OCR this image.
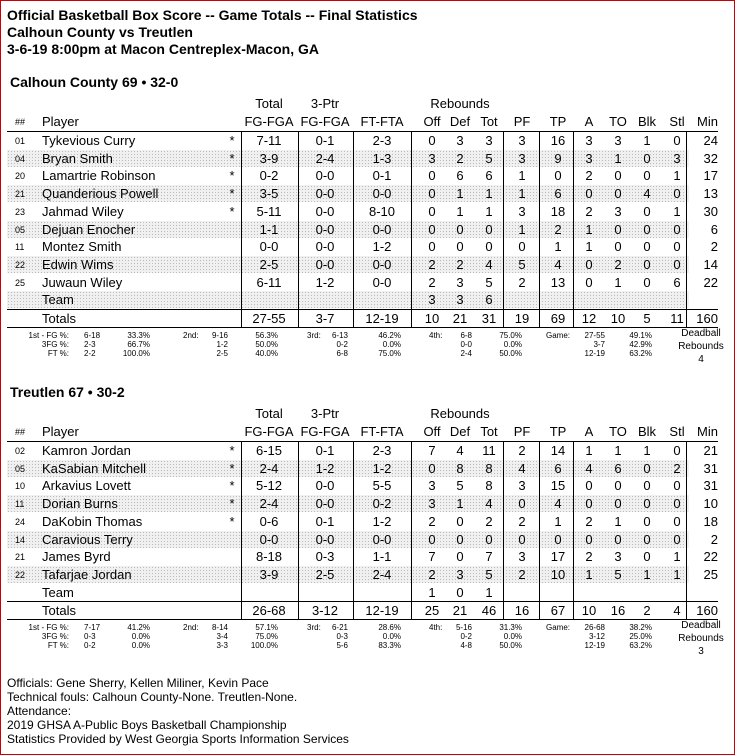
Official Basketball Box Score -- Game Totals -- Final Statistics
Calhoun County vs Treutlen
3-6-19 8:00pm at Macon Centreplex-Macon, GA
Calhoun County 69 • 32-0
Total 3-Ptr	Rebounds
## Player	FG-FGA FG-FGA FT-FTA Off Def Tot PF TP A TO Blk Stl Min
01 Tykevious Curry	* 7-11	0-1	2-3	0 3 3 3 16 3 3 1 0 24
04 Bryan Smith	* 3-9	2-4	1-3	3 2 5 3 9 3 1 0 3 32
20 Lamartrie Robinson	* 0-2	0-0	0-1	0 6 6 1 0 2 0 0 1 17
21 Quanderious Powell	* 3-5	0-0	0-0	0 1 1 1 6 0 0 4 0 13
23 Jahmad Wiley	* 5-11	0-0	8-10	0 1 1 3 18 2 3 0 1 30
05 Dejuan Enocher	1-1	0-0	0-0	0 0 0 1 2 1 0 0 0 6
11 Montez Smith	0-0	0-0	1-2	0 0 0 0 1 1 0 0 0 2
22 Edwin Wims	2-5	0-0	0-0	2 2 4 5 4 0 2 0 0 14
25 Juwaun Wiley	6-11	1-2	0-0	2 3 5 2 13 0 1 0 6 22
Team	3 3 6
Totals	27-55 3-7 12-19 10 21 31 19 69 12 10 5 11 160
1st - FG %: 6-18	33.3%	9-16	56.3%	6-13	46.2%	6-8	75.0%	27-55	49.1%
3FG %: 2-3	66.7%	1-2	50.0%	0-2	0.0%	0-0	0.0%	3-7	42.9%
FT %: 2-2	100.0%	2-5	40.0%	6-8	75.0%	2-4	50.0%	12-19	63.2%
2nd:	3rd:	4th:	Game:	Deadball
Rebounds
4
Treutlen 67 • 30-2
Total 3-Ptr	Rebounds
## Player	FG-FGA FG-FGA FT-FTA Off Def Tot PF TP A TO Blk Stl Min
02 Kamron Jordan	* 6-15	0-1	2-3	7 4 11 2 14 1 1 1 0 21
05 KaSabian Mitchell	* 2-4	1-2	1-2	0 8 8 4 6 4 6 0 2 31
10 Arkavius Lovett	* 5-12	0-0	5-5	3 5 8 3 15 0 0 0 0 31
11 Dorian Burns	* 2-4	0-0	0-2	3 1 4 0 4 0 0 0 0 10
24 DaKobin Thomas	* 0-6	0-1	1-2	2 0 2 2 1 2 1 0 0 18
14 Caravious Terry	0-0	0-0	0-0	0 0 0 0 0 0 0 0 0 2
21 James Byrd	8-18	0-3	1-1	7 0 7 3 17 2 3 0 1 22
22 Tafarjae Jordan	3-9	2-5	2-4	2 3 5 2 10 1 5 1 1 25
Team	1 0 1
Totals	26-68 3-12 12-19 25 21 46 16 67 10 16 2 4 160
1st - FG %: 7-17	41.2%	8-14	57.1%	6-21	28.6%	5-16	31.3%	26-68	38.2%
3FG %: 0-3	0.0%	3-4	75.0%	0-3	0.0%	0-2	0.0%	3-12	25.0%
FT %: 0-2	0.0%	3-3	100.0%	5-6	83.3%	4-8	50.0%	12-19	63.2%
2nd:	3rd:	4th:	Game:	Deadball
Rebounds
3
Officials: Gene Sherry, Kellen Miliner, Kevin Pace
Technical fouls: Calhoun County-None. Treutlen-None.
Attendance:
2019 GHSA A-Public Boys Basketball Championship
Statistics Provided by West Georgia Sports Information Services
